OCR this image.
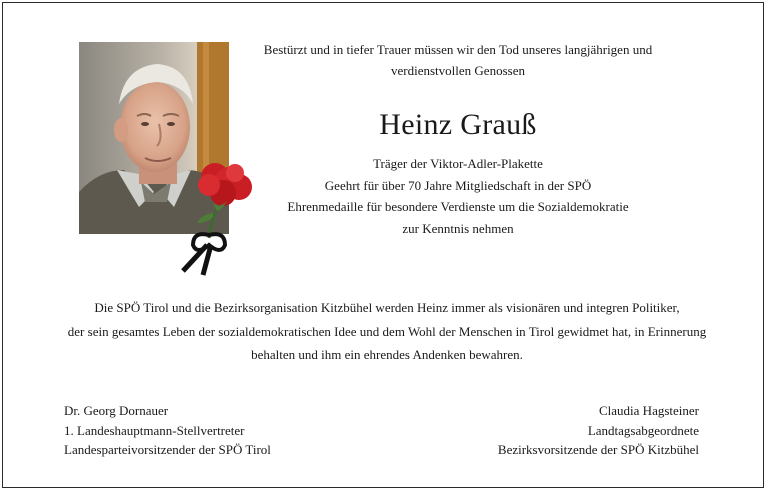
Bestürzt und in tiefer Trauer müssen wir den Tod unseres langjährigen und
verdienstvollen Genossen
Heinz Grauß
Träger der Viktor-Adler-Plakette
Geehrt für über 70 Jahre Mitgliedschaft in der SPÖ
Ehrenmedaille für besondere Verdienste um die Sozialdemokratie
zur Kenntnis nehmen
Die SPÖ Tirol und die Bezirksorganisation Kitzbühel werden Heinz immer als visionären und integren Politiker,
der sein gesamtes Leben der sozialdemokratischen Idee und dem Wohl der Menschen in Tirol gewidmet hat, in Erinnerung
behalten und ihm ein ehrendes Andenken bewahren.
Dr. Georg Dornauer
1. Landeshauptmann-Stellvertreter
Landesparteivorsitzender der SPÖ Tirol
Claudia Hagsteiner
Landtagsabgeordnete
Bezirksvorsitzende der SPÖ Kitzbühel
